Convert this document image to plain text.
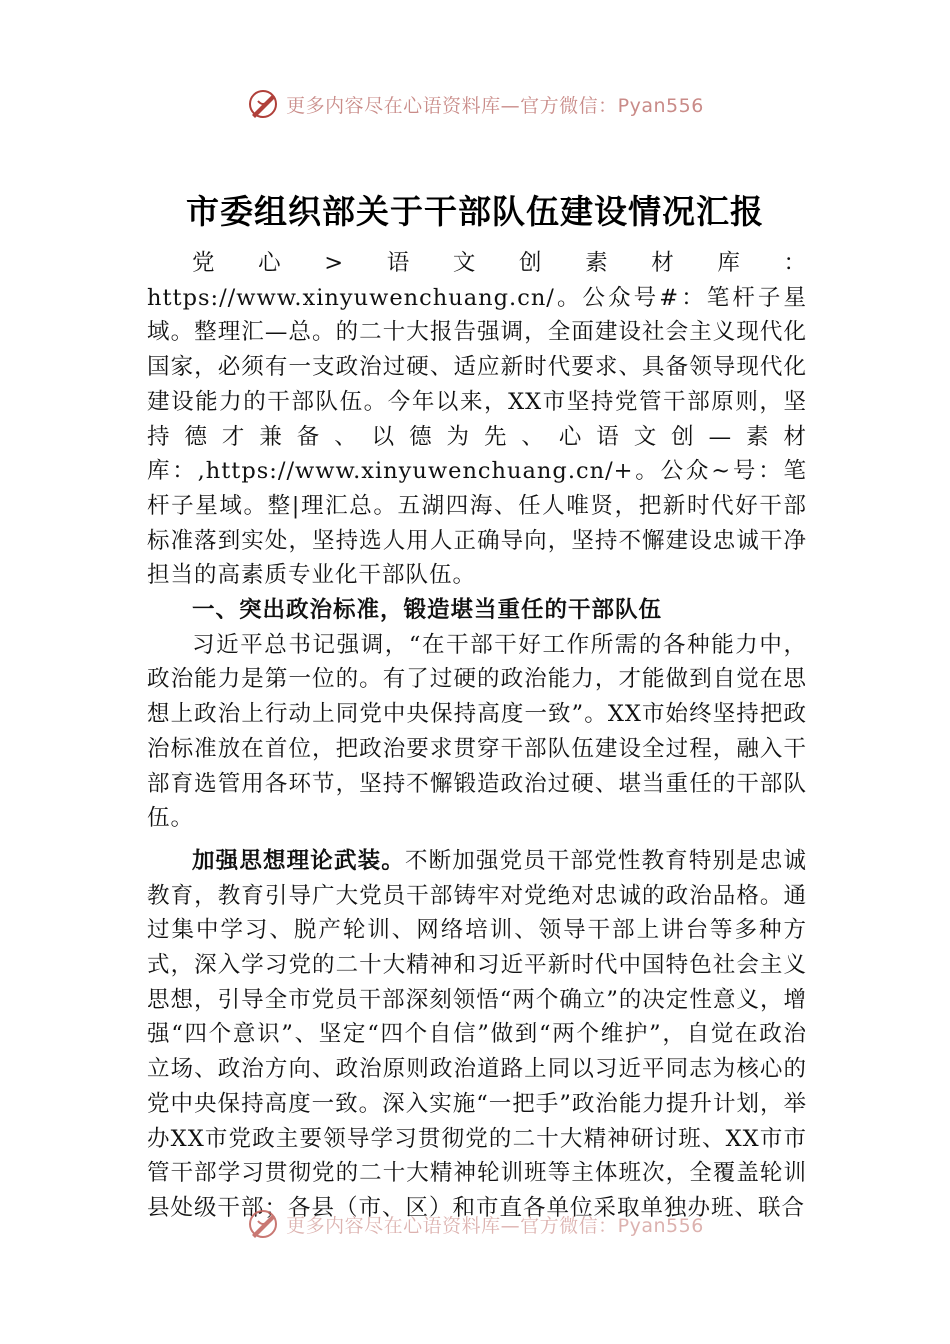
更多内容尽在心语资料库—官方微信：Pyan556
市委组织部关于干部队伍建设情况汇报

党心>语文创素材库：https://www.xinyuwenchuang.cn/。公众号#：笔杆子星域。整理汇—总。的二十大报告强调，全面建设社会主义现代化国家，必须有一支政治过硬、适应新时代要求、具备领导现代化建设能力的干部队伍。今年以来，XX市坚持党管干部原则，坚持德才兼备、以德为先、心语文创—素材库：,https://www.xinyuwenchuang.cn/+。公众~号：笔杆子星域。整|理汇总。五湖四海、任人唯贤，把新时代好干部标准落到实处，坚持选人用人正确导向，坚持不懈建设忠诚干净担当的高素质专业化干部队伍。

一、突出政治标准，锻造堪当重任的干部队伍

习近平总书记强调，“在干部干好工作所需的各种能力中，政治能力是第一位的。有了过硬的政治能力，才能做到自觉在思想上政治上行动上同党中央保持高度一致”。XX市始终坚持把政治标准放在首位，把政治要求贯穿干部队伍建设全过程，融入干部育选管用各环节，坚持不懈锻造政治过硬、堪当重任的干部队伍。

加强思想理论武装。不断加强党员干部党性教育特别是忠诚教育，教育引导广大党员干部铸牢对党绝对忠诚的政治品格。通过集中学习、脱产轮训、网络培训、领导干部上讲台等多种方式，深入学习党的二十大精神和习近平新时代中国特色社会主义思想，引导全市党员干部深刻领悟“两个确立”的决定性意义，增强“四个意识”、坚定“四个自信”做到“两个维护”，自觉在政治立场、政治方向、政治原则政治道路上同以习近平同志为核心的党中央保持高度一致。深入实施“一把手”政治能力提升计划，举办XX市党政主要领导学习贯彻党的二十大精神研讨班、XX市市管干部学习贯彻党的二十大精神轮训班等主体班次，全覆盖轮训县处级干部；各县（市、区）和市直各单位采取单独办班、联合

更多内容尽在心语资料库—官方微信：Pyan556
